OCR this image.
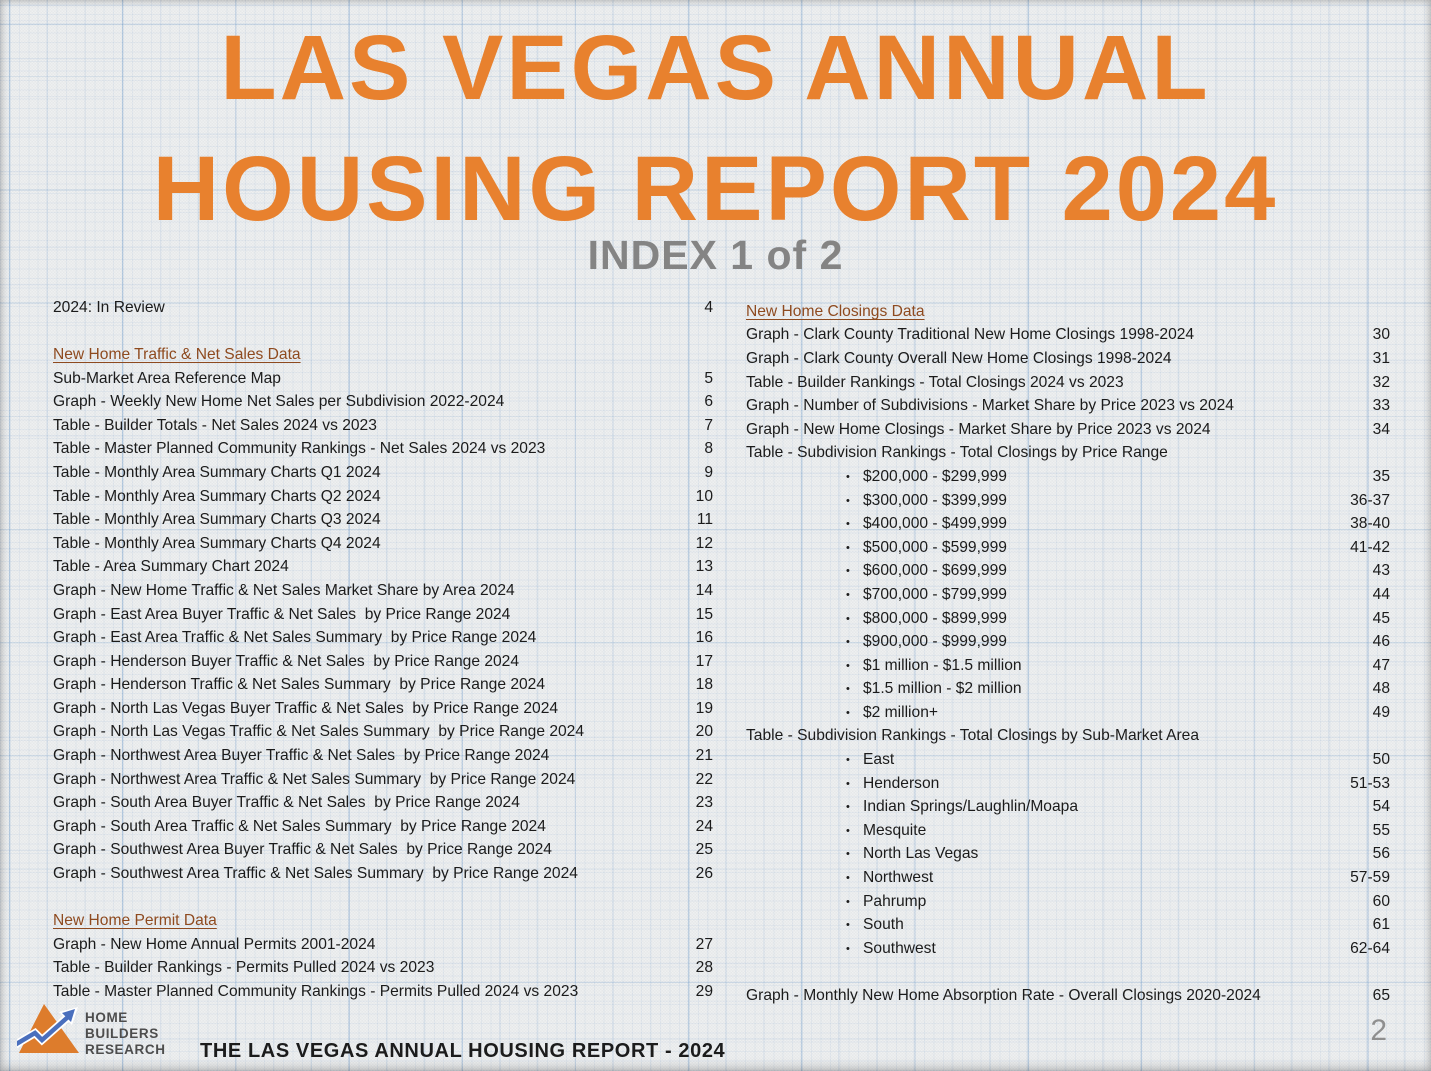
LAS VEGAS ANNUAL
HOUSING REPORT 2024
INDEX 1 of 2
2024: In Review	4
New Home Traffic & Net Sales Data
Sub-Market Area Reference Map	5
Graph - Weekly New Home Net Sales per Subdivision 2022-2024	6
Table - Builder Totals - Net Sales 2024 vs 2023	7
Table - Master Planned Community Rankings - Net Sales 2024 vs 2023	8
Table - Monthly Area Summary Charts Q1 2024	9
Table - Monthly Area Summary Charts Q2 2024	10
Table - Monthly Area Summary Charts Q3 2024	11
Table - Monthly Area Summary Charts Q4 2024	12
Table - Area Summary Chart 2024	13
Graph - New Home Traffic & Net Sales Market Share by Area 2024	14
Graph - East Area Buyer Traffic & Net Sales  by Price Range 2024	15
Graph - East Area Traffic & Net Sales Summary  by Price Range 2024	16
Graph - Henderson Buyer Traffic & Net Sales  by Price Range 2024	17
Graph - Henderson Traffic & Net Sales Summary  by Price Range 2024	18
Graph - North Las Vegas Buyer Traffic & Net Sales  by Price Range 2024	19
Graph - North Las Vegas Traffic & Net Sales Summary  by Price Range 2024	20
Graph - Northwest Area Buyer Traffic & Net Sales  by Price Range 2024	21
Graph - Northwest Area Traffic & Net Sales Summary  by Price Range 2024	22
Graph - South Area Buyer Traffic & Net Sales  by Price Range 2024	23
Graph - South Area Traffic & Net Sales Summary  by Price Range 2024	24
Graph - Southwest Area Buyer Traffic & Net Sales  by Price Range 2024	25
Graph - Southwest Area Traffic & Net Sales Summary  by Price Range 2024	26
New Home Permit Data
Graph - New Home Annual Permits 2001-2024	27
Table - Builder Rankings - Permits Pulled 2024 vs 2023	28
Table - Master Planned Community Rankings - Permits Pulled 2024 vs 2023	29
New Home Closings Data
Graph - Clark County Traditional New Home Closings 1998-2024	30
Graph - Clark County Overall New Home Closings 1998-2024	31
Table - Builder Rankings - Total Closings 2024 vs 2023	32
Graph - Number of Subdivisions - Market Share by Price 2023 vs 2024	33
Graph - New Home Closings - Market Share by Price 2023 vs 2024	34
Table - Subdivision Rankings - Total Closings by Price Range
• $200,000 - $299,999	35
• $300,000 - $399,999	36-37
• $400,000 - $499,999	38-40
• $500,000 - $599,999	41-42
• $600,000 - $699,999	43
• $700,000 - $799,999	44
• $800,000 - $899,999	45
• $900,000 - $999,999	46
• $1 million - $1.5 million	47
• $1.5 million - $2 million	48
• $2 million+	49
Table - Subdivision Rankings - Total Closings by Sub-Market Area
• East	50
• Henderson	51-53
• Indian Springs/Laughlin/Moapa	54
• Mesquite	55
• North Las Vegas	56
• Northwest	57-59
• Pahrump	60
• South	61
• Southwest	62-64
Graph - Monthly New Home Absorption Rate - Overall Closings 2020-2024	65
HOME
BUILDERS
RESEARCH THE LAS VEGAS ANNUAL HOUSING REPORT - 2024
2
